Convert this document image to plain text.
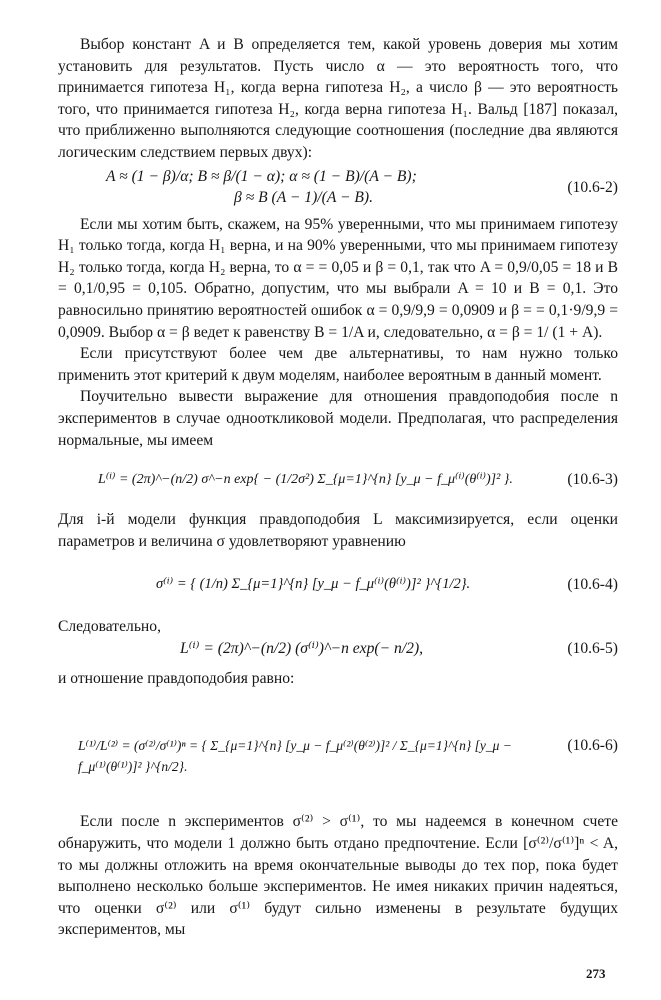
Выбор констант A и B определяется тем, какой уровень доверия мы хотим установить для результатов. Пусть число α — это вероятность того, что принимается гипотеза H₁, когда верна гипотеза H₂, а число β — это вероятность того, что принимается гипотеза H₂, когда верна гипотеза H₁. Вальд [187] показал, что приближенно выполняются следующие соотношения (последние два являются логическим следствием первых двух):

A ≈ (1 − β)/α; B ≈ β/(1 − α); α ≈ (1 − B)/(A − B);
β ≈ B (A − 1)/(A − B).
(10.6-2)

Если мы хотим быть, скажем, на 95% уверенными, что мы принимаем гипотезу H₁ только тогда, когда H₁ верна, и на 90% уверенными, что мы принимаем гипотезу H₂ только тогда, когда H₂ верна, то α = = 0,05 и β = 0,1, так что A = 0,9/0,05 = 18 и B = 0,1/0,95 = 0,105. Обратно, допустим, что мы выбрали A = 10 и B = 0,1. Это равносильно принятию вероятностей ошибок α = 0,9/9,9 = 0,0909 и β = = 0,1·9/9,9 = 0,0909. Выбор α = β ведет к равенству B = 1/A и, следовательно, α = β = 1/ (1 + A).

Если присутствуют более чем две альтернативы, то нам нужно только применить этот критерий к двум моделям, наиболее вероятным в данный момент.

Поучительно вывести выражение для отношения правдоподобия после n экспериментов в случае однооткликовой модели. Предполагая, что распределения нормальные, мы имеем

L⁽ⁱ⁾ = (2π)^−(n/2) σ^−n exp{ − (1/2σ²) Σ_{μ=1}^{n} [y_μ − f_μ⁽ⁱ⁾(θ⁽ⁱ⁾)]² }.	(10.6-3)

Для i-й модели функция правдоподобия L максимизируется, если оценки параметров и величина σ удовлетворяют уравнению

σ⁽ⁱ⁾ = { (1/n) Σ_{μ=1}^{n} [y_μ − f_μ⁽ⁱ⁾(θ⁽ⁱ⁾)]² }^{1/2}.	(10.6-4)

Следовательно,

L⁽ⁱ⁾ = (2π)^−(n/2) (σ⁽ⁱ⁾)^−n exp(− n/2),	(10.6-5)

и отношение правдоподобия равно:

L⁽¹⁾/L⁽²⁾ = (σ⁽²⁾/σ⁽¹⁾)ⁿ = { Σ_{μ=1}^{n} [y_μ − f_μ⁽²⁾(θ⁽²⁾)]² / Σ_{μ=1}^{n} [y_μ − f_μ⁽¹⁾(θ⁽¹⁾)]² }^{n/2}.
(10.6-6)

Если после n экспериментов σ⁽²⁾ > σ⁽¹⁾, то мы надеемся в конечном счете обнаружить, что модели 1 должно быть отдано предпочтение. Если [σ⁽²⁾/σ⁽¹⁾]ⁿ < A, то мы должны отложить на время окончательные выводы до тех пор, пока будет выполнено несколько больше экспериментов. Не имея никаких причин надеяться, что оценки σ⁽²⁾ или σ⁽¹⁾ будут сильно изменены в результате будущих экспериментов, мы

273
